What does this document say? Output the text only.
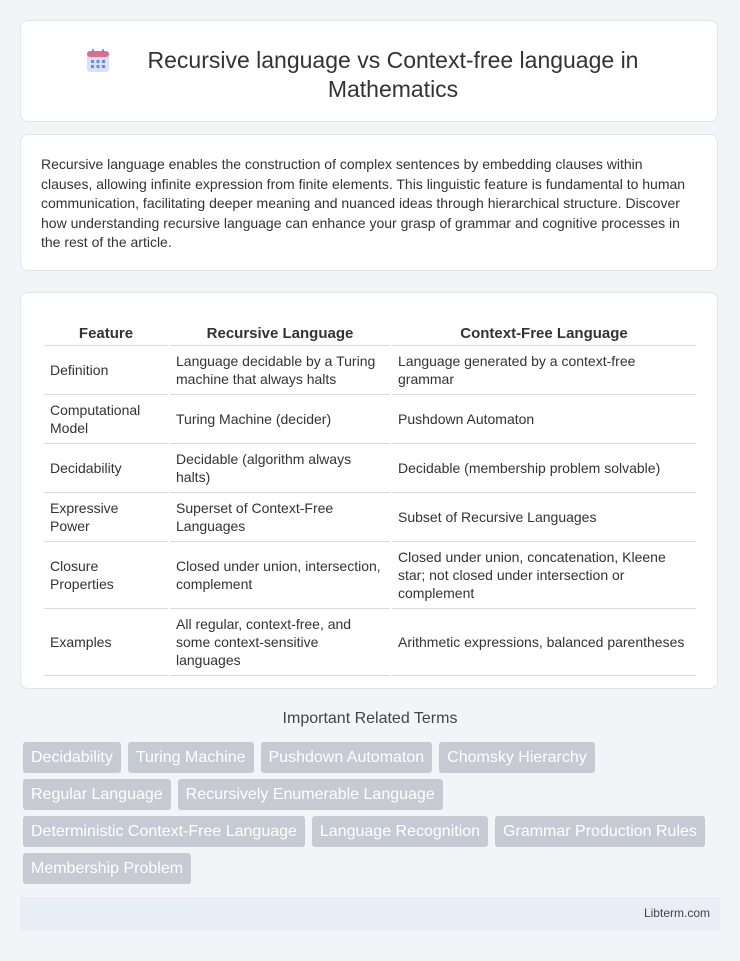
Recursive language vs Context-free language in Mathematics

Recursive language enables the construction of complex sentences by embedding clauses within clauses, allowing infinite expression from finite elements. This linguistic feature is fundamental to human communication, facilitating deeper meaning and nuanced ideas through hierarchical structure. Discover how understanding recursive language can enhance your grasp of grammar and cognitive processes in the rest of the article.

Feature	Recursive Language	Context-Free Language
Definition	Language decidable by a Turing machine that always halts	Language generated by a context-free grammar
Computational Model	Turing Machine (decider)	Pushdown Automaton
Decidability	Decidable (algorithm always halts)	Decidable (membership problem solvable)
Expressive Power	Superset of Context-Free Languages	Subset of Recursive Languages
Closure Properties	Closed under union, intersection, complement	Closed under union, concatenation, Kleene star; not closed under intersection or complement
Examples	All regular, context-free, and some context-sensitive languages	Arithmetic expressions, balanced parentheses
Important Related Terms
Decidability	Turing Machine	Pushdown Automaton	Chomsky Hierarchy
Regular Language	Recursively Enumerable Language
Deterministic Context-Free Language	Language Recognition	Grammar Production Rules
Membership Problem
Libterm.com
